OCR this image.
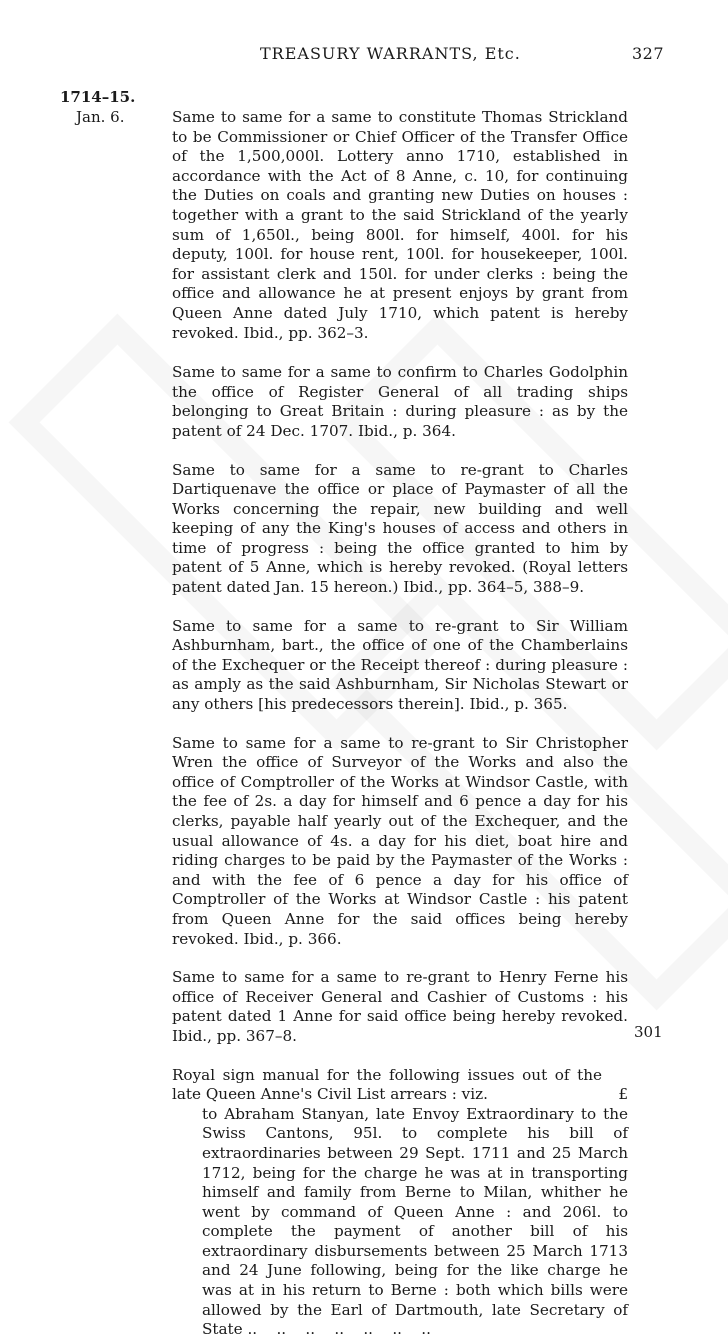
TREASURY WARRANTS, Etc.	327
1714–15.
Jan. 6.	Same to same for a same to constitute Thomas Strickland to be Commissioner or Chief Officer of the Transfer Office of the 1,500,000l. Lottery anno 1710, established in accordance with the Act of 8 Anne, c. 10, for continuing the Duties on coals and granting new Duties on houses : together with a grant to the said Strickland of the yearly sum of 1,650l., being 800l. for himself, 400l. for his deputy, 100l. for house rent, 100l. for housekeeper, 100l. for assistant clerk and 150l. for under clerks : being the office and allowance he at present enjoys by grant from Queen Anne dated July 1710, which patent is hereby revoked. Ibid., pp. 362–3.

Same to same for a same to confirm to Charles Godolphin the office of Register General of all trading ships belonging to Great Britain : during pleasure : as by the patent of 24 Dec. 1707. Ibid., p. 364.

Same to same for a same to re-grant to Charles Dartiquenave the office or place of Paymaster of all the Works concerning the repair, new building and well keeping of any the King's houses of access and others in time of progress : being the office granted to him by patent of 5 Anne, which is hereby revoked. (Royal letters patent dated Jan. 15 hereon.) Ibid., pp. 364–5, 388–9.

Same to same for a same to re-grant to Sir William Ashburnham, bart., the office of one of the Chamberlains of the Exchequer or the Receipt thereof : during pleasure : as amply as the said Ashburnham, Sir Nicholas Stewart or any others [his predecessors therein]. Ibid., p. 365.

Same to same for a same to re-grant to Sir Christopher Wren the office of Surveyor of the Works and also the office of Comptroller of the Works at Windsor Castle, with the fee of 2s. a day for himself and 6 pence a day for his clerks, payable half yearly out of the Exchequer, and the usual allowance of 4s. a day for his diet, boat hire and riding charges to be paid by the Paymaster of the Works : and with the fee of 6 pence a day for his office of Comptroller of the Works at Windsor Castle : his patent from Queen Anne for the said offices being hereby revoked. Ibid., p. 366.

Same to same for a same to re-grant to Henry Ferne his office of Receiver General and Cashier of Customs : his patent dated 1 Anne for said office being hereby revoked. Ibid., pp. 367–8.

Royal sign manual for the following issues out of the late Queen Anne's Civil List arrears : viz.	£
to Abraham Stanyan, late Envoy Extraordinary to the Swiss Cantons, 95l. to complete his bill of extraordinaries between 29 Sept. 1711 and 25 March 1712, being for the charge he was at in transporting himself and family from Berne to Milan, whither he went by command of Queen Anne : and 206l. to complete the payment of another bill of his extraordinary disbursements between 25 March 1713 and 24 June following, being for the like charge he was at in his return to Berne : both which bills were allowed by the Earl of Dartmouth, late Secretary of State ..    ..    ..    ..    ..    ..    ..
301
